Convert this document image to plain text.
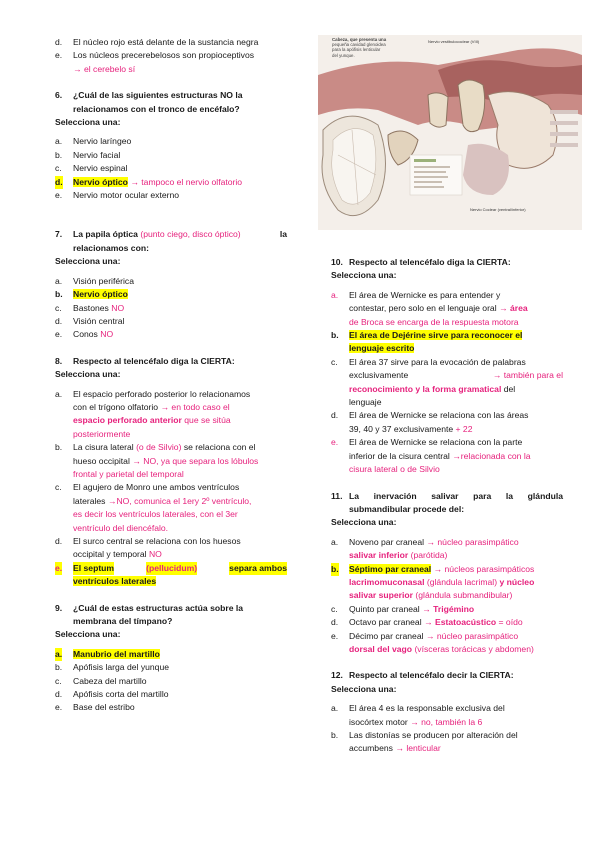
d. El núcleo rojo está delante de la sustancia negra
e. Los núcleos precerebelosos son propioceptivos
→ el cerebelo sí
6. ¿Cuál de las siguientes estructuras NO la
relacionamos con el tronco de encéfalo?
Selecciona una:
a. Nervio laríngeo
b. Nervio facial
c. Nervio espinal
d. Nervio óptico → tampoco el nervio olfatorio
e. Nervio motor ocular externo
7. La papila óptica (punto ciego, disco óptico)	la
relacionamos con:
Selecciona una:
a. Visión periférica
b. Nervio óptico
c. Bastones NO
d. Visión central
e. Conos NO
8. Respecto al telencéfalo diga la CIERTA:
Selecciona una:
a. El espacio perforado posterior lo relacionamos
con el trígono olfatorio → en todo caso el
espacio perforado anterior que se sitúa
posteriormente
b. La cisura lateral (o de Silvio) se relaciona con el
hueso occipital → NO, ya que separa los lóbulos
frontal y parietal del temporal
c. El agujero de Monro une ambos ventrículos
laterales →NO, comunica el 1ery 2º ventrículo,
es decir los ventrículos laterales, con el 3er
ventrículo del diencéfalo.
d. El surco central se relaciona con los huesos
occipital y temporal NO
e. El septum	(pellucidum)	separa ambos
ventrículos laterales
9. ¿Cuál de estas estructuras actúa sobre la
membrana del tímpano?
Selecciona una:
a. Manubrio del martillo
b. Apófisis larga del yunque
c. Cabeza del martillo
d. Apófisis corta del martillo
e. Base del estribo
Cabeza, que presenta una
pequeña cavidad glenoidea
para la apófisis lenticular
del yunque.
Nervio vestibulococlear (VIII)
Nervio Coclear (ventral/inferior)
10. Respecto al telencéfalo diga la CIERTA:
Selecciona una:
a. El área de Wernicke es para entender y
contestar, pero solo en el lenguaje oral → área
de Broca se encarga de la respuesta motora
b. El área de Dejérine sirve para reconocer el
lenguaje escrito
c. El área 37 sirve para la evocación de palabras
exclusivamente	→ también para el
reconocimiento y la forma gramatical del
lenguaje
d. El área de Wernicke se relaciona con las áreas
39, 40 y 37 exclusivamente + 22
e. El área de Wernicke se relaciona con la parte
inferior de la cisura central →relacionada con la
cisura lateral o de Silvio
11. La inervación salivar para la glándula
submandibular procede del:
Selecciona una:
a. Noveno par craneal → núcleo parasimpático
salivar inferior (parótida)
b. Séptimo par craneal → núcleos parasimpáticos
lacrimomuconasal (glándula lacrimal) y núcleo
salivar superior (glándula submandibular)
c. Quinto par craneal → Trigémino
d. Octavo par craneal → Estatoacústico = oído
e. Décimo par craneal → núcleo parasimpático
dorsal del vago (vísceras torácicas y abdomen)
12. Respecto al telencéfalo decir la CIERTA:
Selecciona una:
a. El área 4 es la responsable exclusiva del
isocórtex motor → no, también la 6
b. Las distonías se producen por alteración del
accumbens → lenticular
